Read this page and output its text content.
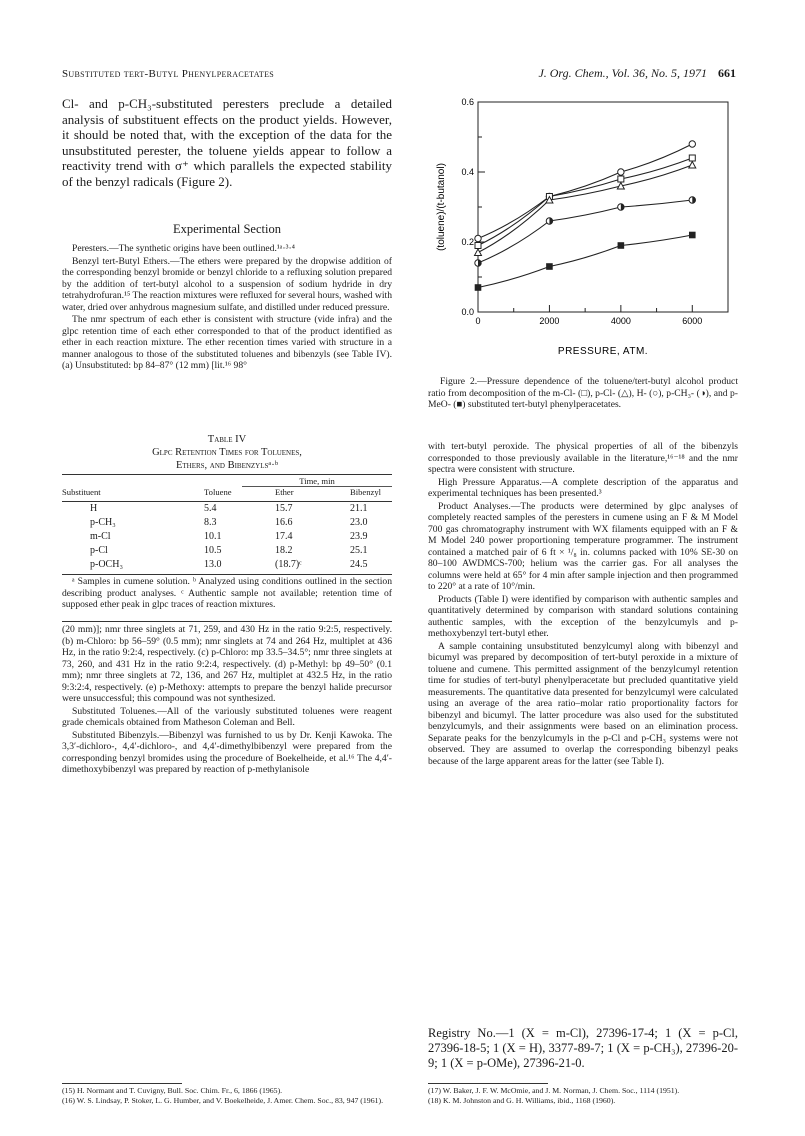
Substituted tert-Butyl Phenylperacetates	J. Org. Chem., Vol. 36, No. 5, 1971 661
Cl- and p-CH₃-substituted peresters preclude a detailed analysis of substituent effects on the product yields. However, it should be noted that, with the exception of the data for the unsubstituted perester, the toluene yields appear to follow a reactivity trend with σ⁺ which parallels the expected stability of the benzyl radicals (Figure 2).
Experimental Section

Peresters.—The synthetic origins have been outlined.¹ᵃ·³·⁴

Benzyl tert-Butyl Ethers.—The ethers were prepared by the dropwise addition of the corresponding benzyl bromide or benzyl chloride to a refluxing solution prepared by the addition of tert-butyl alcohol to a suspension of sodium hydride in dry tetrahydrofuran.¹⁵ The reaction mixtures were refluxed for several hours, washed with water, dried over anhydrous magnesium sulfate, and distilled under reduced pressure.

The nmr spectrum of each ether is consistent with structure (vide infra) and the glpc retention time of each ether corresponded to that of the product identified as ether in each reaction mixture. The ether recention times varied with structure in a manner analogous to those of the substituted toluenes and bibenzyls (see Table IV). (a) Unsubstituted: bp 84–87° (12 mm) [lit.¹⁶ 98°

Table IV
Glpc Retention Times for Toluenes,
Ethers, and Bibenzylsᵃ·ᵇ
Time, min
Substituent	Toluene	Ether	Bibenzyl
H	5.4	15.7	21.1
p-CH₃	8.3	16.6	23.0
m-Cl	10.1	17.4	23.9
p-Cl	10.5	18.2	25.1
p-OCH₃	13.0	(18.7)ᶜ	24.5

ᵃ Samples in cumene solution. ᵇ Analyzed using conditions outlined in the section describing product analyses. ᶜ Authentic sample not available; retention time of supposed ether peak in glpc traces of reaction mixtures.

(20 mm)]; nmr three singlets at 71, 259, and 430 Hz in the ratio 9:2:5, respectively. (b) m-Chloro: bp 56–59° (0.5 mm); nmr singlets at 74 and 264 Hz, multiplet at 436 Hz, in the ratio 9:2:4, respectively. (c) p-Chloro: mp 33.5–34.5°; nmr three singlets at 73, 260, and 431 Hz in the ratio 9:2:4, respectively. (d) p-Methyl: bp 49–50° (0.1 mm); nmr three singlets at 72, 136, and 267 Hz, multiplet at 432.5 Hz, in the ratio 9:3:2:4, respectively. (e) p-Methoxy: attempts to prepare the benzyl halide precursor were unsuccessful; this compound was not synthesized.

Substituted Toluenes.—All of the variously substituted toluenes were reagent grade chemicals obtained from Matheson Coleman and Bell.

Substituted Bibenzyls.—Bibenzyl was furnished to us by Dr. Kenji Kawoka. The 3,3′-dichloro-, 4,4′-dichloro-, and 4,4′-dimethylbibenzyl were prepared from the corresponding benzyl bromides using the procedure of Boekelheide, et al.¹⁶ The 4,4′-dimethoxybibenzyl was prepared by reaction of p-methylanisole

(15) H. Normant and T. Cuvigny, Bull. Soc. Chim. Fr., 6, 1866 (1965).
(16) W. S. Lindsay, P. Stoker, L. G. Humber, and V. Boekelheide, J. Amer. Chem. Soc., 83, 947 (1961).
0	2000	4000	6000
0.0
0.2
0.4
0.6
(toluene)/(t-butanol)
PRESSURE, ATM.
Figure 2.—Pressure dependence of the toluene/tert-butyl alcohol product ratio from decomposition of the m-Cl- (□), p-Cl- (△), H- (○), p-CH₃- (◑), and p-MeO- (■) substituted tert-butyl phenylperacetates.

with tert-butyl peroxide. The physical properties of all of the bibenzyls corresponded to those previously available in the literature,¹⁶⁻¹⁸ and the nmr spectra were consistent with structure.

High Pressure Apparatus.—A complete description of the apparatus and experimental techniques has been presented.³

Product Analyses.—The products were determined by glpc analyses of completely reacted samples of the peresters in cumene using an F & M Model 700 gas chromatography instrument with WX filaments equipped with an F & M Model 240 power proportioning temperature programmer. The instrument contained a matched pair of 6 ft × ¹/₈ in. columns packed with 10% SE-30 on 80–100 AWDMCS-700; helium was the carrier gas. For all analyses the columns were held at 65° for 4 min after sample injection and then programmed to 220° at a rate of 10°/min.

Products (Table I) were identified by comparison with authentic samples and quantitatively determined by comparison with standard solutions containing authentic samples, with the exception of the benzylcumyls and p-methoxybenzyl tert-butyl ether.

A sample containing unsubstituted benzylcumyl along with bibenzyl and bicumyl was prepared by decomposition of tert-butyl peroxide in a mixture of toluene and cumene. This permitted assignment of the benzylcumyl retention time for studies of tert-butyl phenylperacetate but precluded quantitative yield measurements. The quantitative data presented for benzylcumyl were calculated using an average of the area ratio–molar ratio proportionality factors for bibenzyl and bicumyl. The latter procedure was also used for the substituted benzylcumyls, and their assignments were based on an elimination process. Separate peaks for the benzylcumyls in the p-Cl and p-CH₃ systems were not observed. They are assumed to overlap the corresponding bibenzyl peaks because of the large apparent areas for the latter (see Table I).

Registry No.—1 (X = m-Cl), 27396-17-4; 1 (X = p-Cl, 27396-18-5; 1 (X = H), 3377-89-7; 1 (X = p-CH₃), 27396-20-9; 1 (X = p-OMe), 27396-21-0.
(17) W. Baker, J. F. W. McOmie, and J. M. Norman, J. Chem. Soc., 1114 (1951).
(18) K. M. Johnston and G. H. Williams, ibid., 1168 (1960).
